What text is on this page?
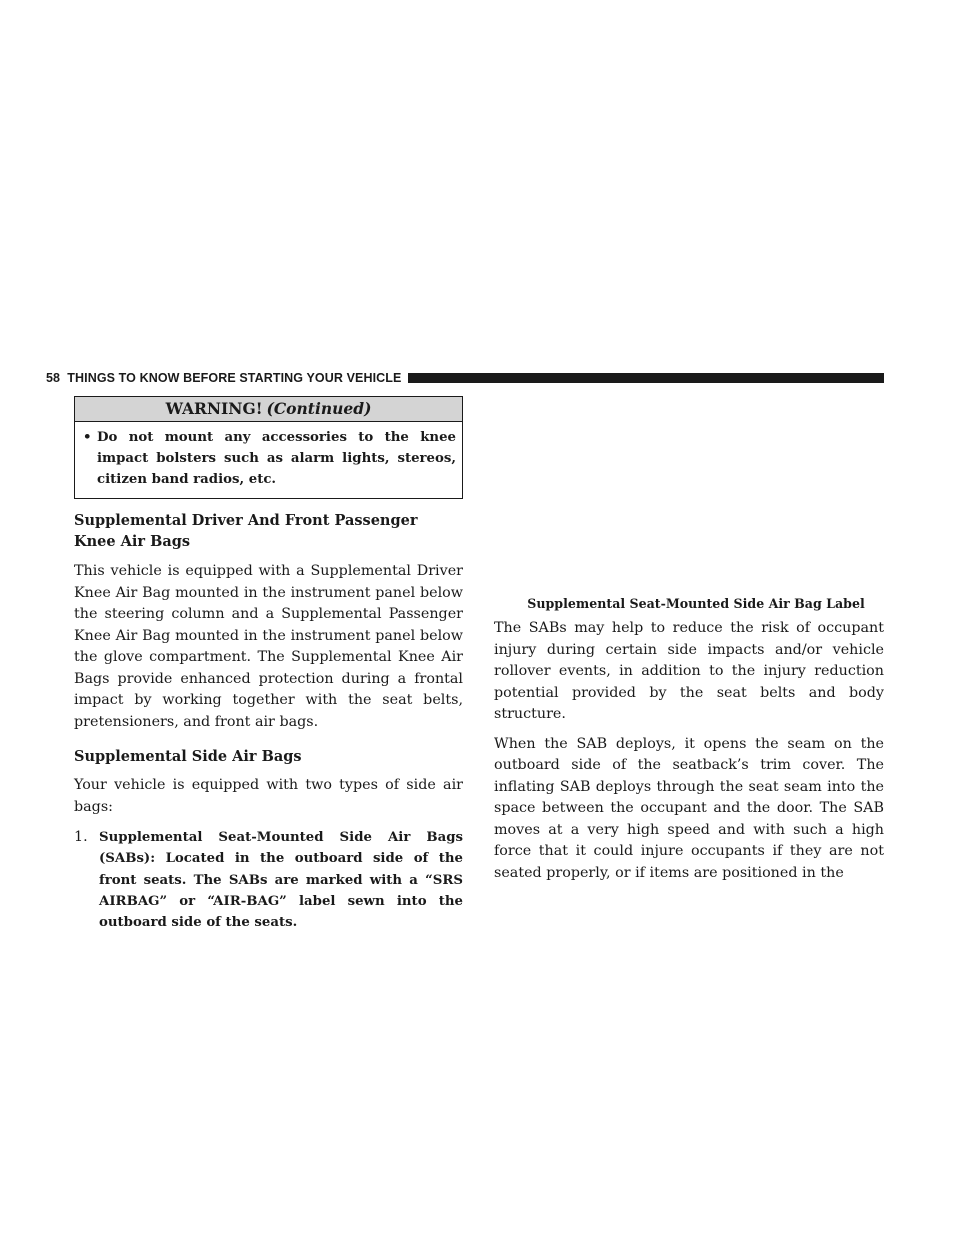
58 THINGS TO KNOW BEFORE STARTING YOUR VEHICLE
WARNING! (Continued)
• Do not mount any accessories to the knee impact bolsters such as alarm lights, stereos, citizen band radios, etc.
Supplemental Driver And Front Passenger Knee Air Bags

This vehicle is equipped with a Supplemental Driver Knee Air Bag mounted in the instrument panel below the steering column and a Supplemental Passenger Knee Air Bag mounted in the instrument panel below the glove compartment. The Supplemental Knee Air Bags provide enhanced protection during a frontal impact by working together with the seat belts, pretensioners, and front air bags.

Supplemental Side Air Bags

Your vehicle is equipped with two types of side air bags:

1. Supplemental Seat-Mounted Side Air Bags (SABs): Located in the outboard side of the front seats. The SABs are marked with a “SRS AIRBAG” or “AIR-BAG” label sewn into the outboard side of the seats.
Supplemental Seat-Mounted Side Air Bag Label

The SABs may help to reduce the risk of occupant injury during certain side impacts and/or vehicle rollover events, in addition to the injury reduction potential provided by the seat belts and body structure.

When the SAB deploys, it opens the seam on the outboard side of the seatback’s trim cover. The inflating SAB deploys through the seat seam into the space between the occupant and the door. The SAB moves at a very high speed and with such a high force that it could injure occupants if they are not seated properly, or if items are positioned in the
